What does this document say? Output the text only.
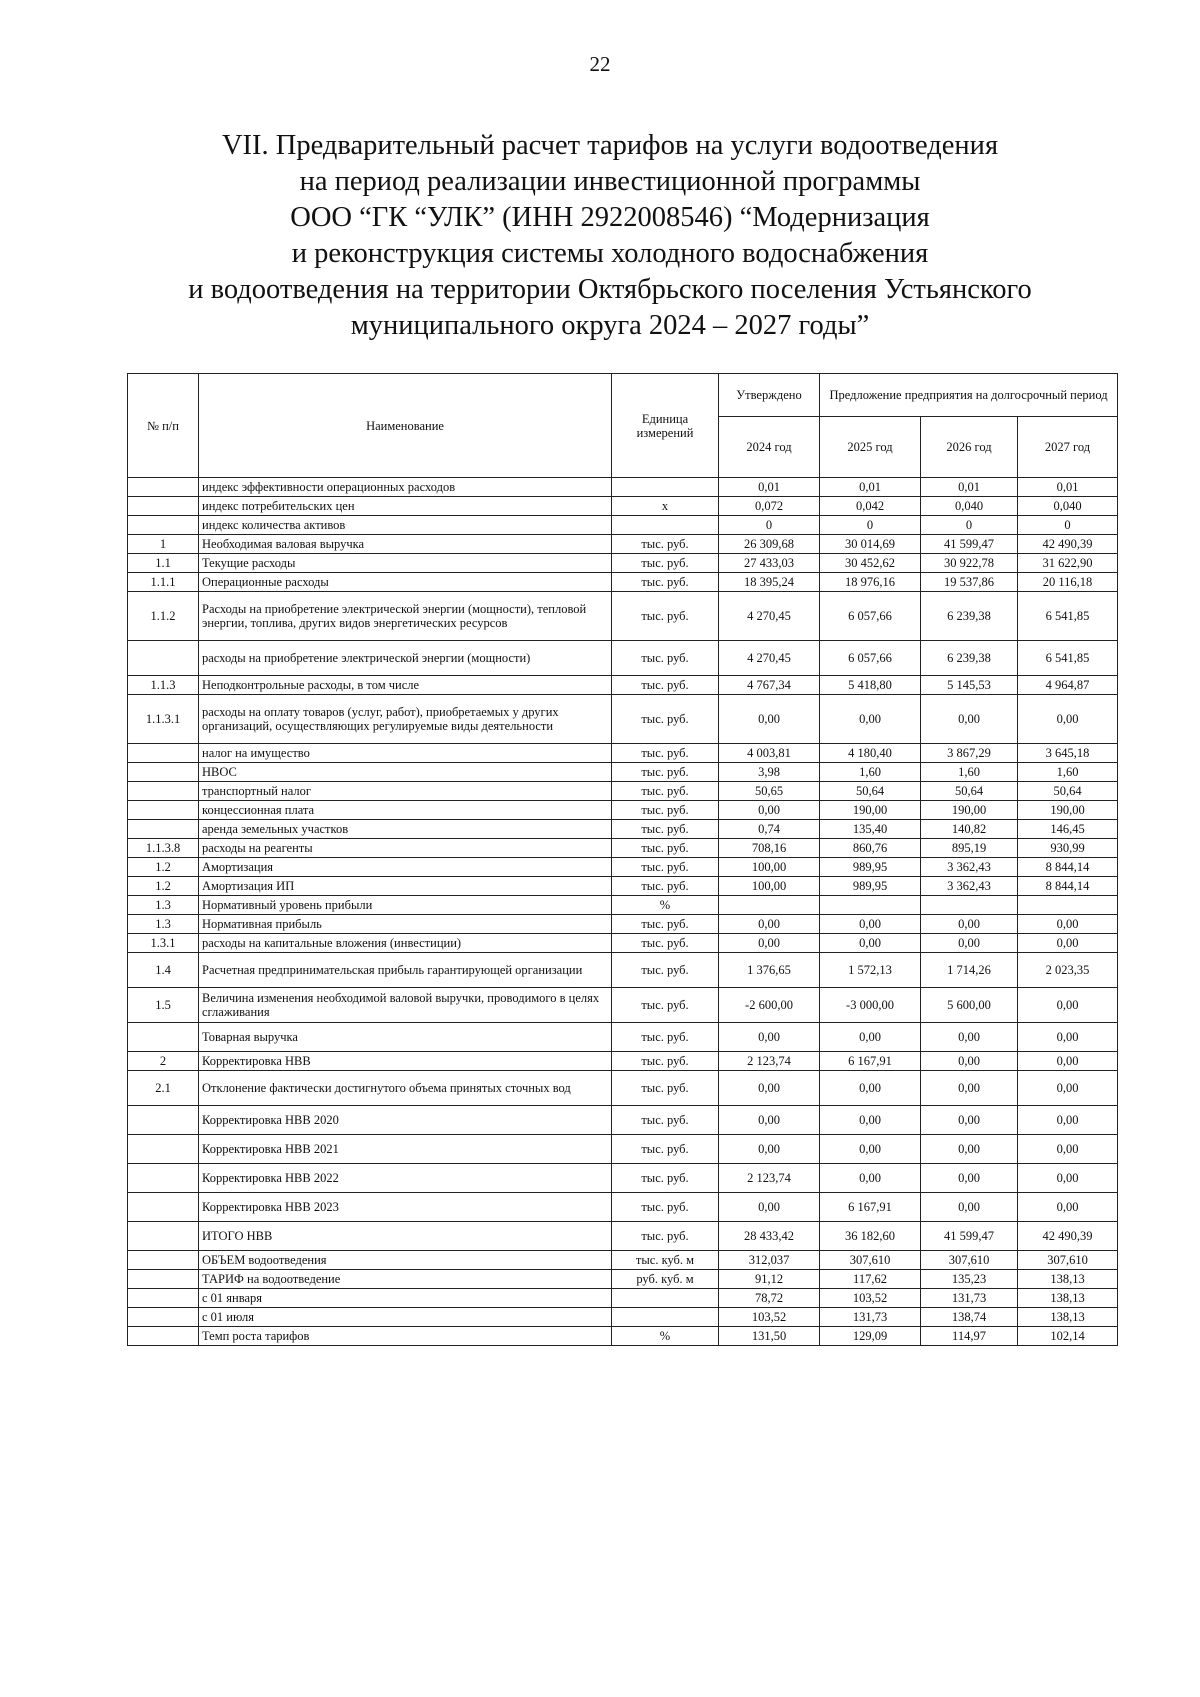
22
VII. Предварительный расчет тарифов на услуги водоотведения
на период реализации инвестиционной программы
ООО “ГК “УЛК” (ИНН 2922008546) “Модернизация
и реконструкция системы холодного водоснабжения
и водоотведения на территории Октябрьского поселения Устьянского
муниципального округа 2024 – 2027 годы”
№ п/п	Наименование	Единица измерений	Утверждено	Предложение предприятия на долгосрочный период		
			2024 год	2025 год	2026 год	2027 год
	индекс эффективности операционных расходов		0,01	0,01	0,01	0,01
	индекс потребительских цен	х	0,072	0,042	0,040	0,040
	индекс количества активов		0	0	0	0
1	Необходимая валовая выручка	тыс. руб.	26 309,68	30 014,69	41 599,47	42 490,39
1.1	Текущие расходы	тыс. руб.	27 433,03	30 452,62	30 922,78	31 622,90
1.1.1	Операционные расходы	тыс. руб.	18 395,24	18 976,16	19 537,86	20 116,18
1.1.2	Расходы на приобретение электрической энергии (мощности), тепловой энергии, топлива, других видов энергетических ресурсов	тыс. руб.	4 270,45	6 057,66	6 239,38	6 541,85
	расходы на приобретение электрической энергии (мощности)	тыс. руб.	4 270,45	6 057,66	6 239,38	6 541,85
1.1.3	Неподконтрольные расходы, в том числе	тыс. руб.	4 767,34	5 418,80	5 145,53	4 964,87
1.1.3.1	расходы на оплату товаров (услуг, работ), приобретаемых у других организаций, осуществляющих регулируемые виды деятельности	тыс. руб.	0,00	0,00	0,00	0,00
	налог на имущество	тыс. руб.	4 003,81	4 180,40	3 867,29	3 645,18
	НВОС	тыс. руб.	3,98	1,60	1,60	1,60
	транспортный налог	тыс. руб.	50,65	50,64	50,64	50,64
	концессионная плата	тыс. руб.	0,00	190,00	190,00	190,00
	аренда земельных участков	тыс. руб.	0,74	135,40	140,82	146,45
1.1.3.8	расходы на реагенты	тыс. руб.	708,16	860,76	895,19	930,99
1.2	Амортизация	тыс. руб.	100,00	989,95	3 362,43	8 844,14
1.2	Амортизация ИП	тыс. руб.	100,00	989,95	3 362,43	8 844,14
1.3	Нормативный уровень прибыли	%				
1.3	Нормативная прибыль	тыс. руб.	0,00	0,00	0,00	0,00
1.3.1	расходы на капитальные вложения (инвестиции)	тыс. руб.	0,00	0,00	0,00	0,00
1.4	Расчетная предпринимательская прибыль гарантирующей организации	тыс. руб.	1 376,65	1 572,13	1 714,26	2 023,35
1.5	Величина изменения необходимой валовой выручки, проводимого в целях сглаживания	тыс. руб.	-2 600,00	-3 000,00	5 600,00	0,00
	Товарная выручка	тыс. руб.	0,00	0,00	0,00	0,00
2	Корректировка НВВ	тыс. руб.	2 123,74	6 167,91	0,00	0,00
2.1	Отклонение фактически достигнутого объема принятых сточных вод	тыс. руб.	0,00	0,00	0,00	0,00
	Корректировка НВВ 2020	тыс. руб.	0,00	0,00	0,00	0,00
	Корректировка НВВ 2021	тыс. руб.	0,00	0,00	0,00	0,00
	Корректировка НВВ 2022	тыс. руб.	2 123,74	0,00	0,00	0,00
	Корректировка НВВ 2023	тыс. руб.	0,00	6 167,91	0,00	0,00
	ИТОГО НВВ	тыс. руб.	28 433,42	36 182,60	41 599,47	42 490,39
	ОБЪЕМ водоотведения	тыс. куб. м	312,037	307,610	307,610	307,610
	ТАРИФ на водоотведение	руб. куб. м	91,12	117,62	135,23	138,13
	с 01 января		78,72	103,52	131,73	138,13
	с 01 июля		103,52	131,73	138,74	138,13
	Темп роста тарифов	%	131,50	129,09	114,97	102,14
